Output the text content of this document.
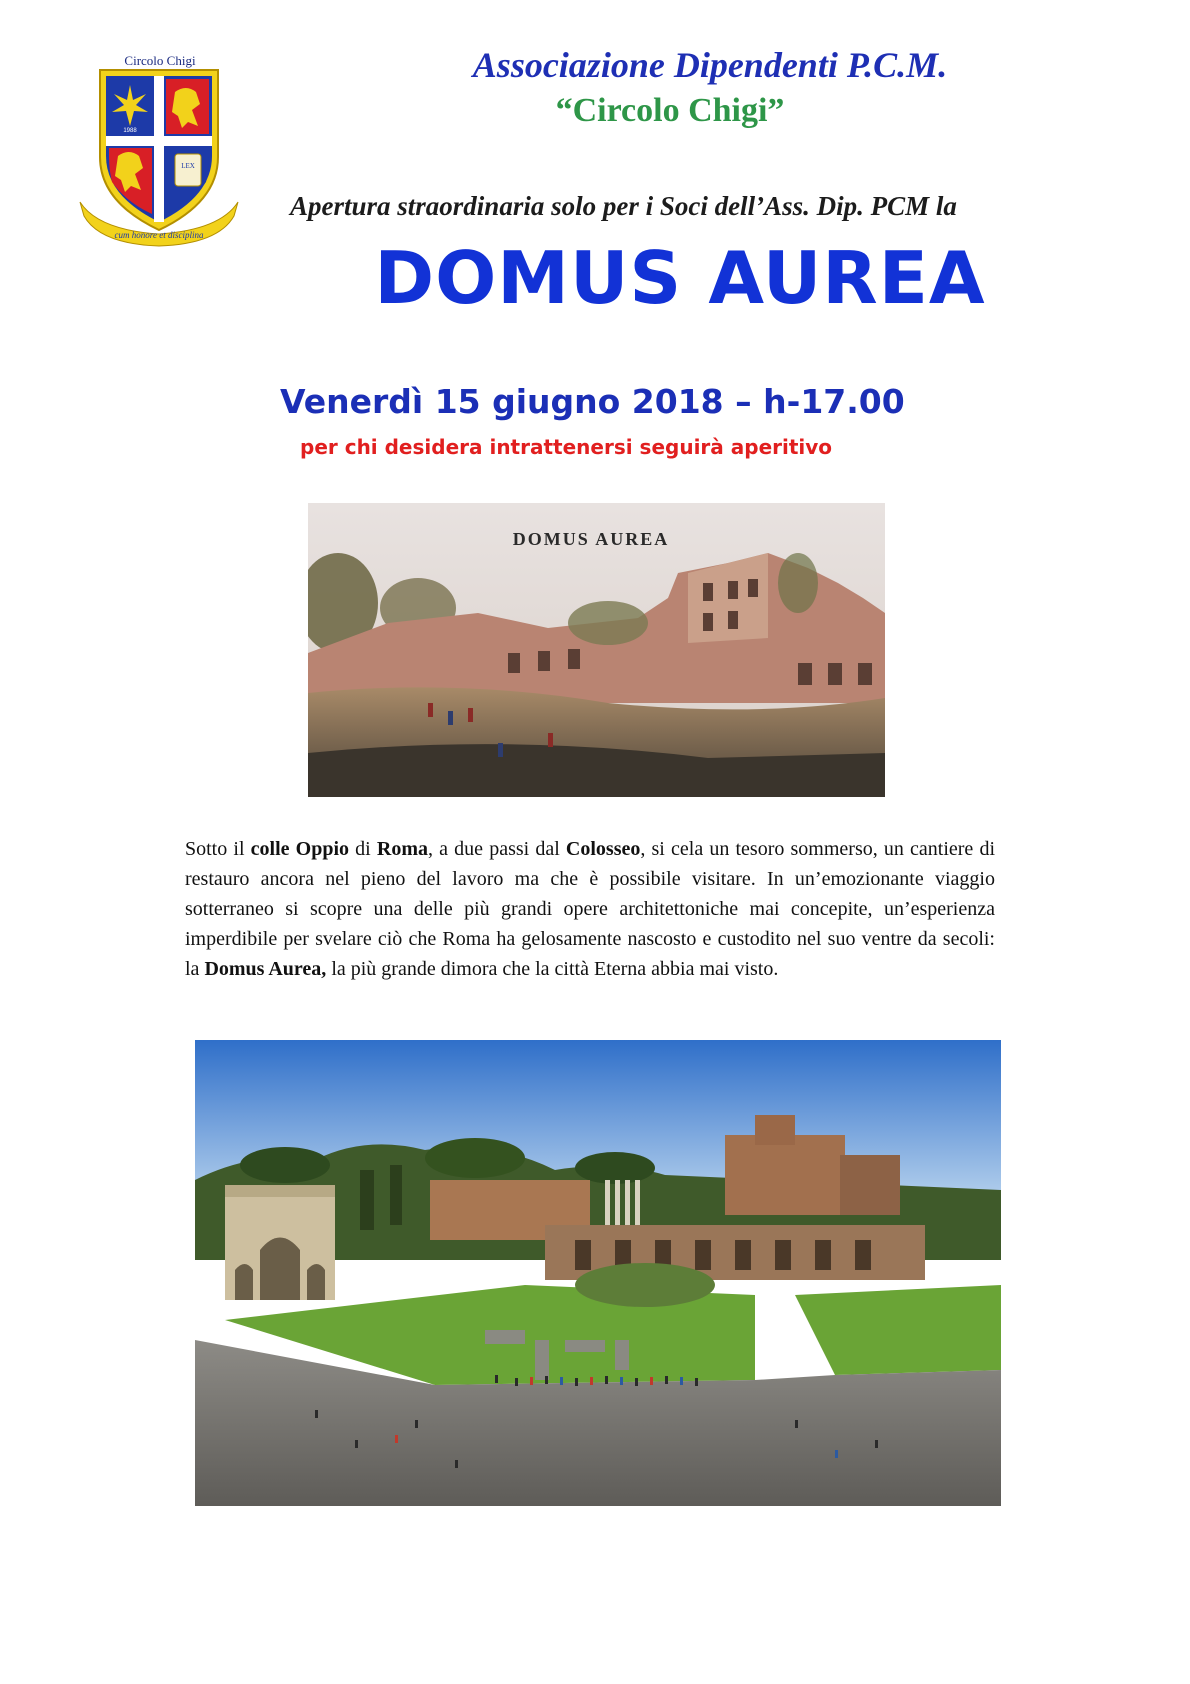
LEX
1988
cum honore et disciplina
Circolo Chigi	Associazione Dipendenti P.C.M.
“Circolo Chigi”
Apertura straordinaria solo per i Soci dell’Ass. Dip. PCM la
DOMUS AUREA
Venerdì 15 giugno 2018 – h-17.00
per chi desidera intrattenersi seguirà aperitivo
DOMUS AUREA
Sotto il colle Oppio di Roma, a due passi dal Colosseo, si cela un tesoro sommerso, un cantiere di restauro ancora nel pieno del lavoro ma che è possibile visitare. In un’emozionante viaggio sotterraneo si scopre una delle più grandi opere architettoniche mai concepite, un’esperienza imperdibile per svelare ciò che Roma ha gelosamente nascosto e custodito nel suo ventre da secoli: la Domus Aurea, la più grande dimora che la città Eterna abbia mai visto.
